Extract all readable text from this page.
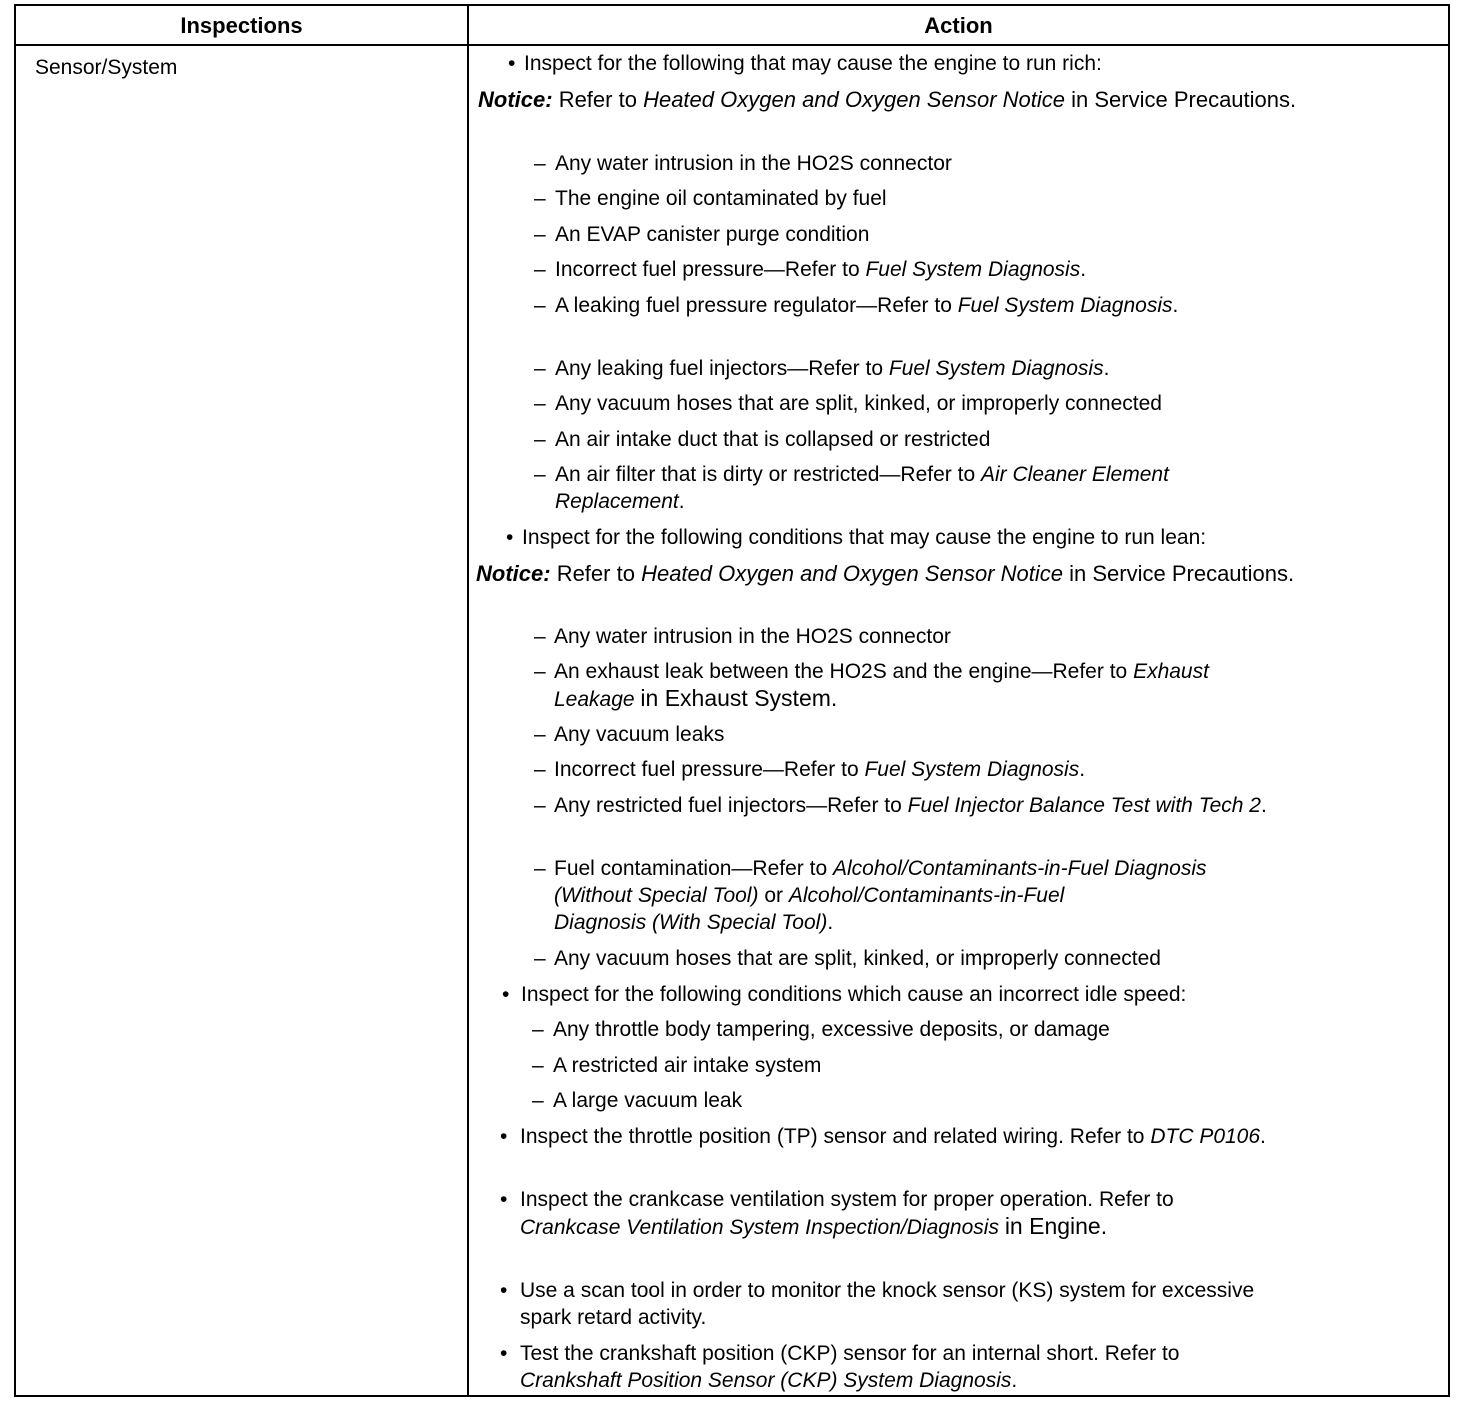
Inspections	Action
Sensor/System	• Inspect for the following that may cause the engine to run rich:
Notice: Refer to Heated Oxygen and Oxygen Sensor Notice in Service Precautions.
– Any water intrusion in the HO2S connector
– The engine oil contaminated by fuel
– An EVAP canister purge condition
– Incorrect fuel pressure—Refer to Fuel System Diagnosis.
– A leaking fuel pressure regulator—Refer to Fuel System Diagnosis.
– Any leaking fuel injectors—Refer to Fuel System Diagnosis.
– Any vacuum hoses that are split, kinked, or improperly connected
– An air intake duct that is collapsed or restricted
– An air filter that is dirty or restricted—Refer to Air Cleaner Element
Replacement.
• Inspect for the following conditions that may cause the engine to run lean:
Notice: Refer to Heated Oxygen and Oxygen Sensor Notice in Service Precautions.
– Any water intrusion in the HO2S connector
– An exhaust leak between the HO2S and the engine—Refer to Exhaust
Leakage in Exhaust System.
– Any vacuum leaks
– Incorrect fuel pressure—Refer to Fuel System Diagnosis.
– Any restricted fuel injectors—Refer to Fuel Injector Balance Test with Tech 2.
– Fuel contamination—Refer to Alcohol/Contaminants-in-Fuel Diagnosis
(Without Special Tool) or Alcohol/Contaminants-in-Fuel
Diagnosis (With Special Tool).
– Any vacuum hoses that are split, kinked, or improperly connected
• Inspect for the following conditions which cause an incorrect idle speed:
– Any throttle body tampering, excessive deposits, or damage
– A restricted air intake system
– A large vacuum leak
• Inspect the throttle position (TP) sensor and related wiring. Refer to DTC P0106.
• Inspect the crankcase ventilation system for proper operation. Refer to
Crankcase Ventilation System Inspection/Diagnosis in Engine.
• Use a scan tool in order to monitor the knock sensor (KS) system for excessive
spark retard activity.
• Test the crankshaft position (CKP) sensor for an internal short. Refer to
Crankshaft Position Sensor (CKP) System Diagnosis.
